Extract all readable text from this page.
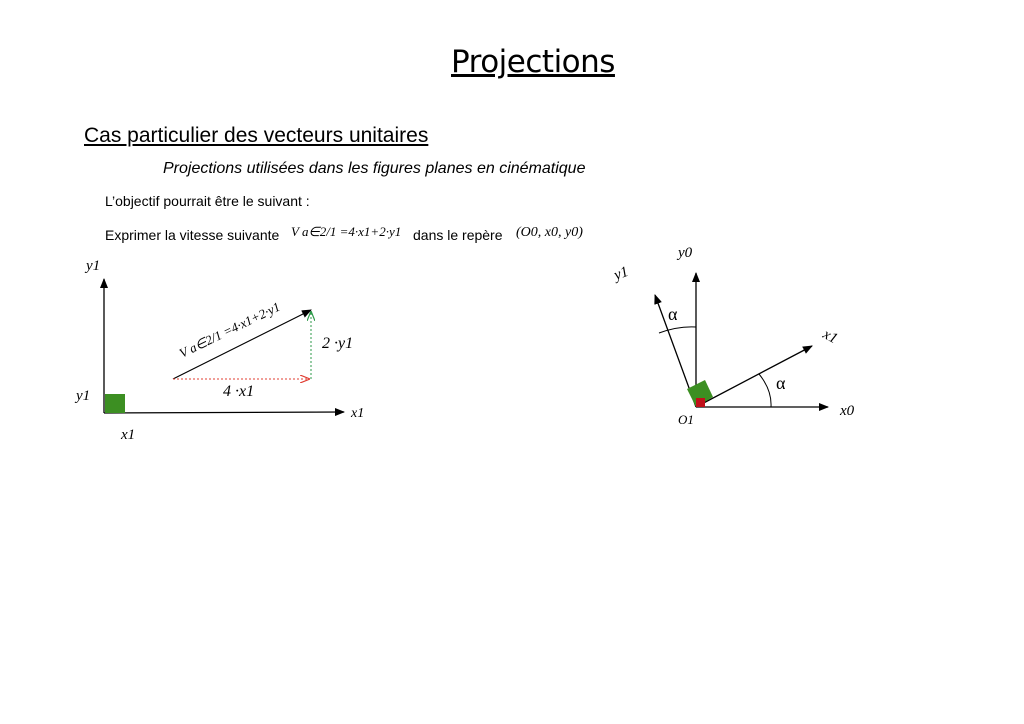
Projections
Cas particulier des vecteurs unitaires
Projections utilisées dans les figures planes en cinématique
L’objectif pourrait être le suivant :
Exprimer la vitesse suivante V a∈2/1 =4·x1+2·y1 dans le repère (O0, x0, y0)
y1
x1
y1
x1
V a∈2/1 =4·x1+2·y1 2 ·y1
4 ·x1
O1
y0
x0
y1
x1
α
α
